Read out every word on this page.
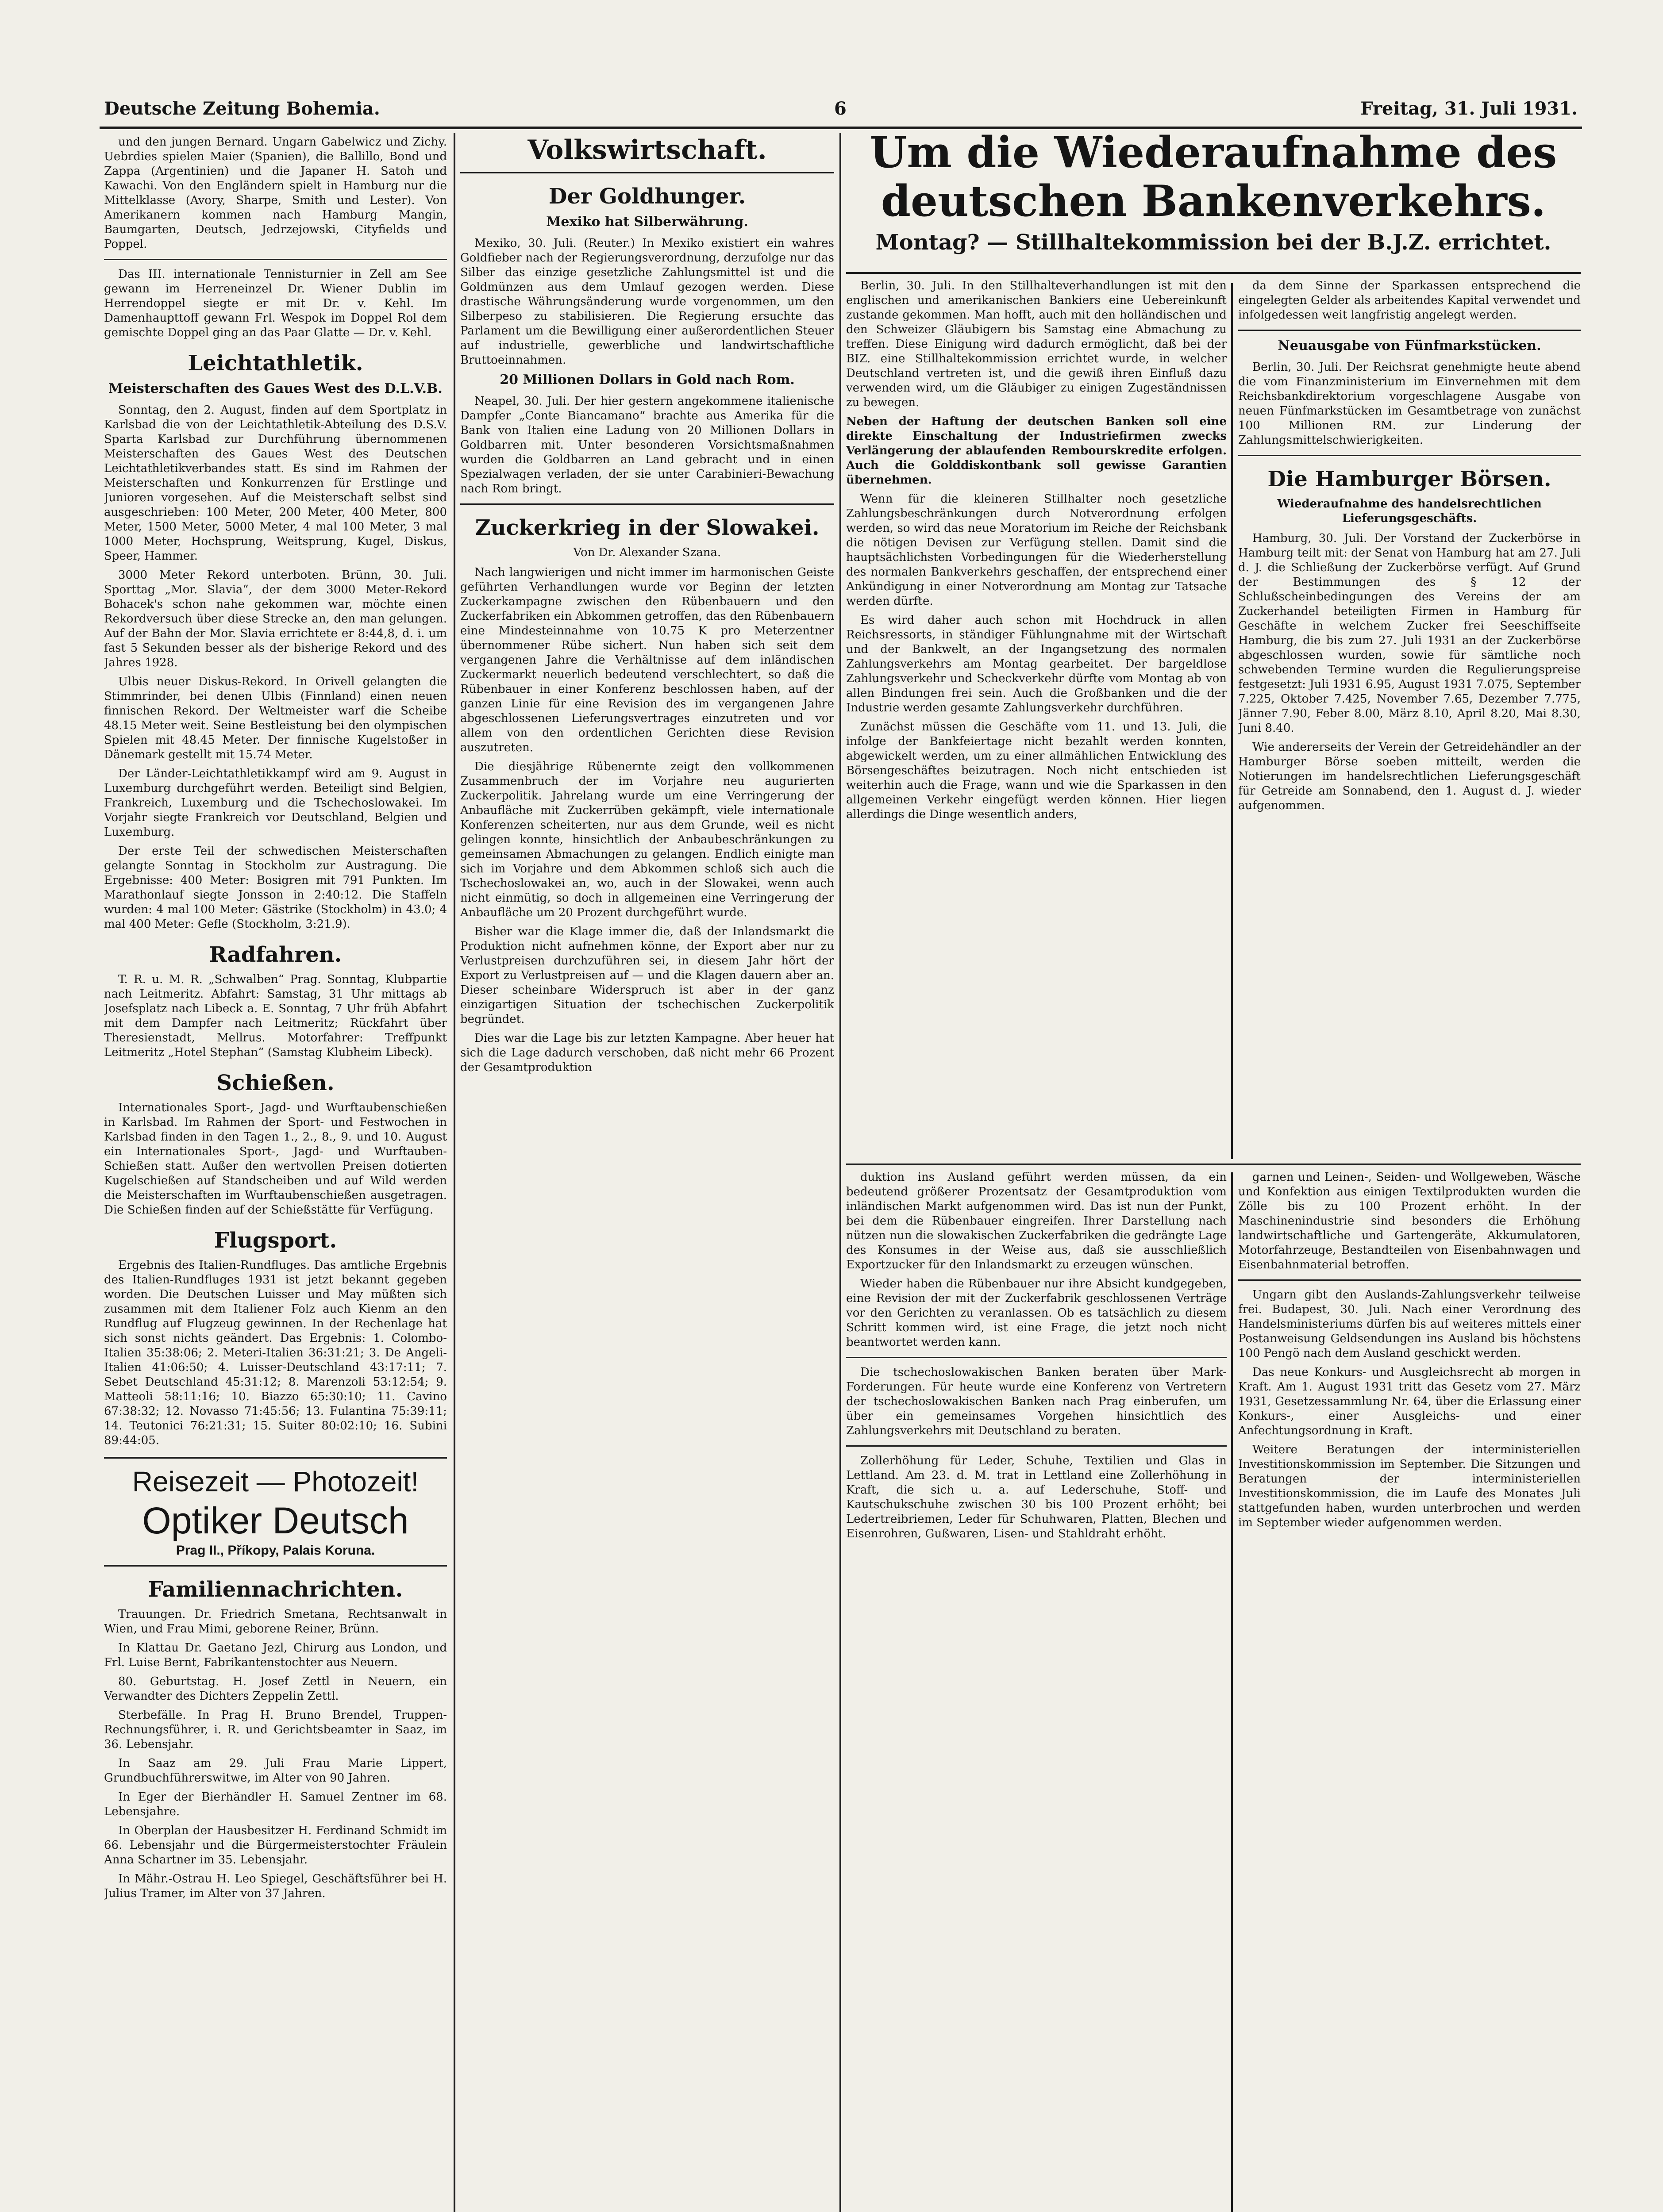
Deutsche Zeitung Bohemia.	6	Freitag, 31. Juli 1931.

und den jungen Bernard. Ungarn Gabelwicz und Zichy. Uebrdies spielen Maier (Spanien), die Ballillo, Bond und Zappa (Argentinien) und die Japaner H. Satoh und Kawachi. Von den Engländern spielt in Hamburg nur die Mittelklasse (Avory, Sharpe, Smith und Lester). Von Amerikanern kommen nach Hamburg Mangin, Baumgarten, Deutsch, Jedrzejowski, Cityfields und Poppel.

Das III. internationale Tennisturnier in Zell am See gewann im Herreneinzel Dr. Wiener Dublin im Herrendoppel siegte er mit Dr. v. Kehl. Im Damenhaupttoff gewann Frl. Wespok im Doppel Rol dem gemischte Doppel ging an das Paar Glatte — Dr. v. Kehl.

Leichtathletik.
Meisterschaften des Gaues West des D.L.V.B.

Sonntag, den 2. August, finden auf dem Sportplatz in Karlsbad die von der Leichtathletik-Abteilung des D.S.V. Sparta Karlsbad zur Durchführung übernommenen Meisterschaften des Gaues West des Deutschen Leichtathletikverbandes statt. Es sind im Rahmen der Meisterschaften und Konkurrenzen für Erstlinge und Junioren vorgesehen. Auf die Meisterschaft selbst sind ausgeschrieben: 100 Meter, 200 Meter, 400 Meter, 800 Meter, 1500 Meter, 5000 Meter, 4 mal 100 Meter, 3 mal 1000 Meter, Hochsprung, Weitsprung, Kugel, Diskus, Speer, Hammer.

3000 Meter Rekord unterboten. Brünn, 30. Juli. Sporttag „Mor. Slavia“, der dem 3000 Meter-Rekord Bohacek's schon nahe gekommen war, möchte einen Rekordversuch über diese Strecke an, den man gelungen. Auf der Bahn der Mor. Slavia errichtete er 8:44,8, d. i. um fast 5 Sekunden besser als der bisherige Rekord und des Jahres 1928.

Ulbis neuer Diskus-Rekord. In Orivell gelangten die Stimmrinder, bei denen Ulbis (Finnland) einen neuen finnischen Rekord. Der Weltmeister warf die Scheibe 48.15 Meter weit. Seine Bestleistung bei den olympischen Spielen mit 48.45 Meter. Der finnische Kugelstoßer in Dänemark gestellt mit 15.74 Meter.

Der Länder-Leichtathletikkampf wird am 9. August in Luxemburg durchgeführt werden. Beteiligt sind Belgien, Frankreich, Luxemburg und die Tschechoslowakei. Im Vorjahr siegte Frankreich vor Deutschland, Belgien und Luxemburg.

Der erste Teil der schwedischen Meisterschaften gelangte Sonntag in Stockholm zur Austragung. Die Ergebnisse: 400 Meter: Bosigren mit 791 Punkten. Im Marathonlauf siegte Jonsson in 2:40:12. Die Staffeln wurden: 4 mal 100 Meter: Gästrike (Stockholm) in 43.0; 4 mal 400 Meter: Gefle (Stockholm, 3:21.9).

Radfahren.

T. R. u. M. R. „Schwalben“ Prag. Sonntag, Klubpartie nach Leitmeritz. Abfahrt: Samstag, 31 Uhr mittags ab Josefsplatz nach Libeck a. E. Sonntag, 7 Uhr früh Abfahrt mit dem Dampfer nach Leitmeritz; Rückfahrt über Theresienstadt, Mellrus. Motorfahrer: Treffpunkt Leitmeritz „Hotel Stephan“ (Samstag Klubheim Libeck).

Schießen.

Internationales Sport-, Jagd- und Wurftaubenschießen in Karlsbad. Im Rahmen der Sport- und Festwochen in Karlsbad finden in den Tagen 1., 2., 8., 9. und 10. August ein Internationales Sport-, Jagd- und Wurftauben-Schießen statt. Außer den wertvollen Preisen dotierten Kugelschießen auf Standscheiben und auf Wild werden die Meisterschaften im Wurftaubenschießen ausgetragen. Die Schießen finden auf der Schießstätte für Verfügung.

Flugsport.

Ergebnis des Italien-Rundfluges. Das amtliche Ergebnis des Italien-Rundfluges 1931 ist jetzt bekannt gegeben worden. Die Deutschen Luisser und May müßten sich zusammen mit dem Italiener Folz auch Kienm an den Rundflug auf Flugzeug gewinnen. In der Rechenlage hat sich sonst nichts geändert. Das Ergebnis: 1. Colombo-Italien 35:38:06; 2. Meteri-Italien 36:31:21; 3. De Angeli-Italien 41:06:50; 4. Luisser-Deutschland 43:17:11; 7. Sebet Deutschland 45:31:12; 8. Marenzoli 53:12:54; 9. Matteoli 58:11:16; 10. Biazzo 65:30:10; 11. Cavino 67:38:32; 12. Novasso 71:45:56; 13. Fulantina 75:39:11; 14. Teutonici 76:21:31; 15. Suiter 80:02:10; 16. Subini 89:44:05.

Reisezeit — Photozeit!
Optiker Deutsch
Prag II., Příkopy, Palais Koruna.
Familiennachrichten.

Trauungen. Dr. Friedrich Smetana, Rechtsanwalt in Wien, und Frau Mimi, geborene Reiner, Brünn.

In Klattau Dr. Gaetano Jezl, Chirurg aus London, und Frl. Luise Bernt, Fabrikantenstochter aus Neuern.

80. Geburtstag. H. Josef Zettl in Neuern, ein Verwandter des Dichters Zeppelin Zettl.

Sterbefälle. In Prag H. Bruno Brendel, Truppen-Rechnungsführer, i. R. und Gerichtsbeamter in Saaz, im 36. Lebensjahr.

In Saaz am 29. Juli Frau Marie Lippert, Grundbuchführerswitwe, im Alter von 90 Jahren.

In Eger der Bierhändler H. Samuel Zentner im 68. Lebensjahre.

In Oberplan der Hausbesitzer H. Ferdinand Schmidt im 66. Lebensjahr und die Bürgermeisterstochter Fräulein Anna Schartner im 35. Lebensjahr.

In Mähr.-Ostrau H. Leo Spiegel, Geschäftsführer bei H. Julius Tramer, im Alter von 37 Jahren.

Volkswirtschaft.
Der Goldhunger.
Mexiko hat Silberwährung.

Mexiko, 30. Juli. (Reuter.) In Mexiko existiert ein wahres Goldfieber nach der Regierungsverordnung, derzufolge nur das Silber das einzige gesetzliche Zahlungsmittel ist und die Goldmünzen aus dem Umlauf gezogen werden. Diese drastische Währungsänderung wurde vorgenommen, um den Silberpeso zu stabilisieren. Die Regierung ersuchte das Parlament um die Bewilligung einer außerordentlichen Steuer auf industrielle, gewerbliche und landwirtschaftliche Bruttoeinnahmen.

20 Millionen Dollars in Gold nach Rom.

Neapel, 30. Juli. Der hier gestern angekommene italienische Dampfer „Conte Biancamano“ brachte aus Amerika für die Bank von Italien eine Ladung von 20 Millionen Dollars in Goldbarren mit. Unter besonderen Vorsichtsmaßnahmen wurden die Goldbarren an Land gebracht und in einen Spezialwagen verladen, der sie unter Carabinieri-Bewachung nach Rom bringt.

Zuckerkrieg in der Slowakei.
Von Dr. Alexander Szana.

Nach langwierigen und nicht immer im harmonischen Geiste geführten Verhandlungen wurde vor Beginn der letzten Zuckerkampagne zwischen den Rübenbauern und den Zuckerfabriken ein Abkommen getroffen, das den Rübenbauern eine Mindesteinnahme von 10.75 K pro Meterzentner übernommener Rübe sichert. Nun haben sich seit dem vergangenen Jahre die Verhältnisse auf dem inländischen Zuckermarkt neuerlich bedeutend verschlechtert, so daß die Rübenbauer in einer Konferenz beschlossen haben, auf der ganzen Linie für eine Revision des im vergangenen Jahre abgeschlossenen Lieferungsvertrages einzutreten und vor allem von den ordentlichen Gerichten diese Revision auszutreten.

Die diesjährige Rübenernte zeigt den vollkommenen Zusammenbruch der im Vorjahre neu augurierten Zuckerpolitik. Jahrelang wurde um eine Verringerung der Anbaufläche mit Zuckerrüben gekämpft, viele internationale Konferenzen scheiterten, nur aus dem Grunde, weil es nicht gelingen konnte, hinsichtlich der Anbaubeschränkungen zu gemeinsamen Abmachungen zu gelangen. Endlich einigte man sich im Vorjahre und dem Abkommen schloß sich auch die Tschechoslowakei an, wo, auch in der Slowakei, wenn auch nicht einmütig, so doch in allgemeinen eine Verringerung der Anbaufläche um 20 Prozent durchgeführt wurde.

Bisher war die Klage immer die, daß der Inlandsmarkt die Produktion nicht aufnehmen könne, der Export aber nur zu Verlustpreisen durchzuführen sei, in diesem Jahr hört der Export zu Verlustpreisen auf — und die Klagen dauern aber an. Dieser scheinbare Widerspruch ist aber in der ganz einzigartigen Situation der tschechischen Zuckerpolitik begründet.

Dies war die Lage bis zur letzten Kampagne. Aber heuer hat sich die Lage dadurch verschoben, daß nicht mehr 66 Prozent der Gesamtproduktion

Um die Wiederaufnahme des deutschen Bankenverkehrs.
Montag? — Stillhaltekommission bei der B.J.Z. errichtet.

Berlin, 30. Juli. In den Stillhalteverhandlungen ist mit den englischen und amerikanischen Bankiers eine Uebereinkunft zustande gekommen. Man hofft, auch mit den holländischen und den Schweizer Gläubigern bis Samstag eine Abmachung zu treffen. Diese Einigung wird dadurch ermöglicht, daß bei der BIZ. eine Stillhaltekommission errichtet wurde, in welcher Deutschland vertreten ist, und die gewiß ihren Einfluß dazu verwenden wird, um die Gläubiger zu einigen Zugeständnissen zu bewegen.

Neben der Haftung der deutschen Banken soll eine direkte Einschaltung der Industriefirmen zwecks Verlängerung der ablaufenden Rembourskredite erfolgen. Auch die Golddiskontbank soll gewisse Garantien übernehmen.

Wenn für die kleineren Stillhalter noch gesetzliche Zahlungsbeschränkungen durch Notverordnung erfolgen werden, so wird das neue Moratorium im Reiche der Reichsbank die nötigen Devisen zur Verfügung stellen. Damit sind die hauptsächlichsten Vorbedingungen für die Wiederherstellung des normalen Bankverkehrs geschaffen, der entsprechend einer Ankündigung in einer Notverordnung am Montag zur Tatsache werden dürfte.

Es wird daher auch schon mit Hochdruck in allen Reichsressorts, in ständiger Fühlungnahme mit der Wirtschaft und der Bankwelt, an der Ingangsetzung des normalen Zahlungsverkehrs am Montag gearbeitet. Der bargeldlose Zahlungsverkehr und Scheckverkehr dürfte vom Montag ab von allen Bindungen frei sein. Auch die Großbanken und die der Industrie werden gesamte Zahlungsverkehr durchführen.

Zunächst müssen die Geschäfte vom 11. und 13. Juli, die infolge der Bankfeiertage nicht bezahlt werden konnten, abgewickelt werden, um zu einer allmählichen Entwicklung des Börsengeschäftes beizutragen. Noch nicht entschieden ist weiterhin auch die Frage, wann und wie die Sparkassen in den allgemeinen Verkehr eingefügt werden können. Hier liegen allerdings die Dinge wesentlich anders,

da dem Sinne der Sparkassen entsprechend die eingelegten Gelder als arbeitendes Kapital verwendet und infolgedessen weit langfristig angelegt werden.

Neuausgabe von Fünfmarkstücken.

Berlin, 30. Juli. Der Reichsrat genehmigte heute abend die vom Finanzministerium im Einvernehmen mit dem Reichsbankdirektorium vorgeschlagene Ausgabe von neuen Fünfmarkstücken im Gesamtbetrage von zunächst 100 Millionen RM. zur Linderung der Zahlungsmittelschwierigkeiten.

Die Hamburger Börsen.
Wiederaufnahme des handelsrechtlichen Lieferungsgeschäfts.

Hamburg, 30. Juli. Der Vorstand der Zuckerbörse in Hamburg teilt mit: der Senat von Hamburg hat am 27. Juli d. J. die Schließung der Zuckerbörse verfügt. Auf Grund der Bestimmungen des § 12 der Schlußscheinbedingungen des Vereins der am Zuckerhandel beteiligten Firmen in Hamburg für Geschäfte in welchem Zucker frei Seeschiffseite Hamburg, die bis zum 27. Juli 1931 an der Zuckerbörse abgeschlossen wurden, sowie für sämtliche noch schwebenden Termine wurden die Regulierungspreise festgesetzt: Juli 1931 6.95, August 1931 7.075, September 7.225, Oktober 7.425, November 7.65, Dezember 7.775, Jänner 7.90, Feber 8.00, März 8.10, April 8.20, Mai 8.30, Juni 8.40.

Wie andererseits der Verein der Getreidehändler an der Hamburger Börse soeben mitteilt, werden die Notierungen im handelsrechtlichen Lieferungsgeschäft für Getreide am Sonnabend, den 1. August d. J. wieder aufgenommen.

duktion ins Ausland geführt werden müssen, da ein bedeutend größerer Prozentsatz der Gesamtproduktion vom inländischen Markt aufgenommen wird. Das ist nun der Punkt, bei dem die Rübenbauer eingreifen. Ihrer Darstellung nach nützen nun die slowakischen Zuckerfabriken die gedrängte Lage des Konsumes in der Weise aus, daß sie ausschließlich Exportzucker für den Inlandsmarkt zu erzeugen wünschen.

Wieder haben die Rübenbauer nur ihre Absicht kundgegeben, eine Revision der mit der Zuckerfabrik geschlossenen Verträge vor den Gerichten zu veranlassen. Ob es tatsächlich zu diesem Schritt kommen wird, ist eine Frage, die jetzt noch nicht beantwortet werden kann.

Die tschechoslowakischen Banken beraten über Mark-Forderungen. Für heute wurde eine Konferenz von Vertretern der tschechoslowakischen Banken nach Prag einberufen, um über ein gemeinsames Vorgehen hinsichtlich des Zahlungsverkehrs mit Deutschland zu beraten.

Zollerhöhung für Leder, Schuhe, Textilien und Glas in Lettland. Am 23. d. M. trat in Lettland eine Zollerhöhung in Kraft, die sich u. a. auf Lederschuhe, Stoff- und Kautschukschuhe zwischen 30 bis 100 Prozent erhöht; bei Ledertreibriemen, Leder für Schuhwaren, Platten, Blechen und Eisenrohren, Gußwaren, Lisen- und Stahldraht erhöht.

garnen und Leinen-, Seiden- und Wollgeweben, Wäsche und Konfektion aus einigen Textilprodukten wurden die Zölle bis zu 100 Prozent erhöht. In der Maschinenindustrie sind besonders die Erhöhung landwirtschaftliche und Gartengeräte, Akkumulatoren, Motorfahrzeuge, Bestandteilen von Eisenbahnwagen und Eisenbahnmaterial betroffen.

Ungarn gibt den Auslands-Zahlungsverkehr teilweise frei. Budapest, 30. Juli. Nach einer Verordnung des Handelsministeriums dürfen bis auf weiteres mittels einer Postanweisung Geldsendungen ins Ausland bis höchstens 100 Pengö nach dem Ausland geschickt werden.

Das neue Konkurs- und Ausgleichsrecht ab morgen in Kraft. Am 1. August 1931 tritt das Gesetz vom 27. März 1931, Gesetzessammlung Nr. 64, über die Erlassung einer Konkurs-, einer Ausgleichs- und einer Anfechtungsordnung in Kraft.

Weitere Beratungen der interministeriellen Investitionskommission im September. Die Sitzungen und Beratungen der interministeriellen Investitionskommission, die im Laufe des Monates Juli stattgefunden haben, wurden unterbrochen und werden im September wieder aufgenommen werden.
